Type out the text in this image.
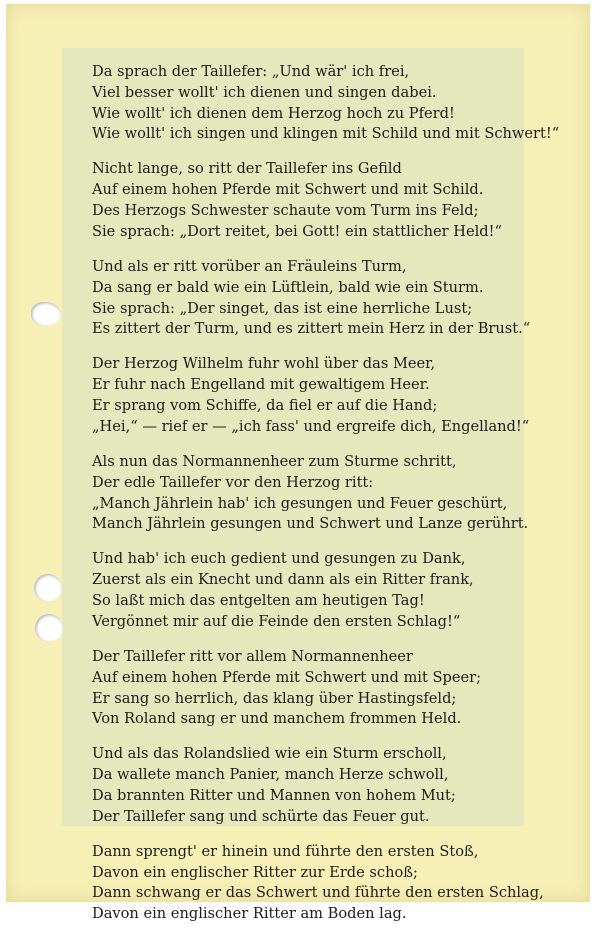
Da sprach der Taillefer: „Und wär' ich frei,
Viel besser wollt' ich dienen und singen dabei.
Wie wollt' ich dienen dem Herzog hoch zu Pferd!
Wie wollt' ich singen und klingen mit Schild und mit Schwert!“
Nicht lange, so ritt der Taillefer ins Gefild
Auf einem hohen Pferde mit Schwert und mit Schild.
Des Herzogs Schwester schaute vom Turm ins Feld;
Sie sprach: „Dort reitet, bei Gott! ein stattlicher Held!“
Und als er ritt vorüber an Fräuleins Turm,
Da sang er bald wie ein Lüftlein, bald wie ein Sturm.
Sie sprach: „Der singet, das ist eine herrliche Lust;
Es zittert der Turm, und es zittert mein Herz in der Brust.“
Der Herzog Wilhelm fuhr wohl über das Meer,
Er fuhr nach Engelland mit gewaltigem Heer.
Er sprang vom Schiffe, da fiel er auf die Hand;
„Hei,“ — rief er — „ich fass' und ergreife dich, Engelland!“
Als nun das Normannenheer zum Sturme schritt,
Der edle Taillefer vor den Herzog ritt:
„Manch Jährlein hab' ich gesungen und Feuer geschürt,
Manch Jährlein gesungen und Schwert und Lanze gerührt.
Und hab' ich euch gedient und gesungen zu Dank,
Zuerst als ein Knecht und dann als ein Ritter frank,
So laßt mich das entgelten am heutigen Tag!
Vergönnet mir auf die Feinde den ersten Schlag!“
Der Taillefer ritt vor allem Normannenheer
Auf einem hohen Pferde mit Schwert und mit Speer;
Er sang so herrlich, das klang über Hastingsfeld;
Von Roland sang er und manchem frommen Held.
Und als das Rolandslied wie ein Sturm erscholl,
Da wallete manch Panier, manch Herze schwoll,
Da brannten Ritter und Mannen von hohem Mut;
Der Taillefer sang und schürte das Feuer gut.
Dann sprengt' er hinein und führte den ersten Stoß,
Davon ein englischer Ritter zur Erde schoß;
Dann schwang er das Schwert und führte den ersten Schlag,
Davon ein englischer Ritter am Boden lag.
